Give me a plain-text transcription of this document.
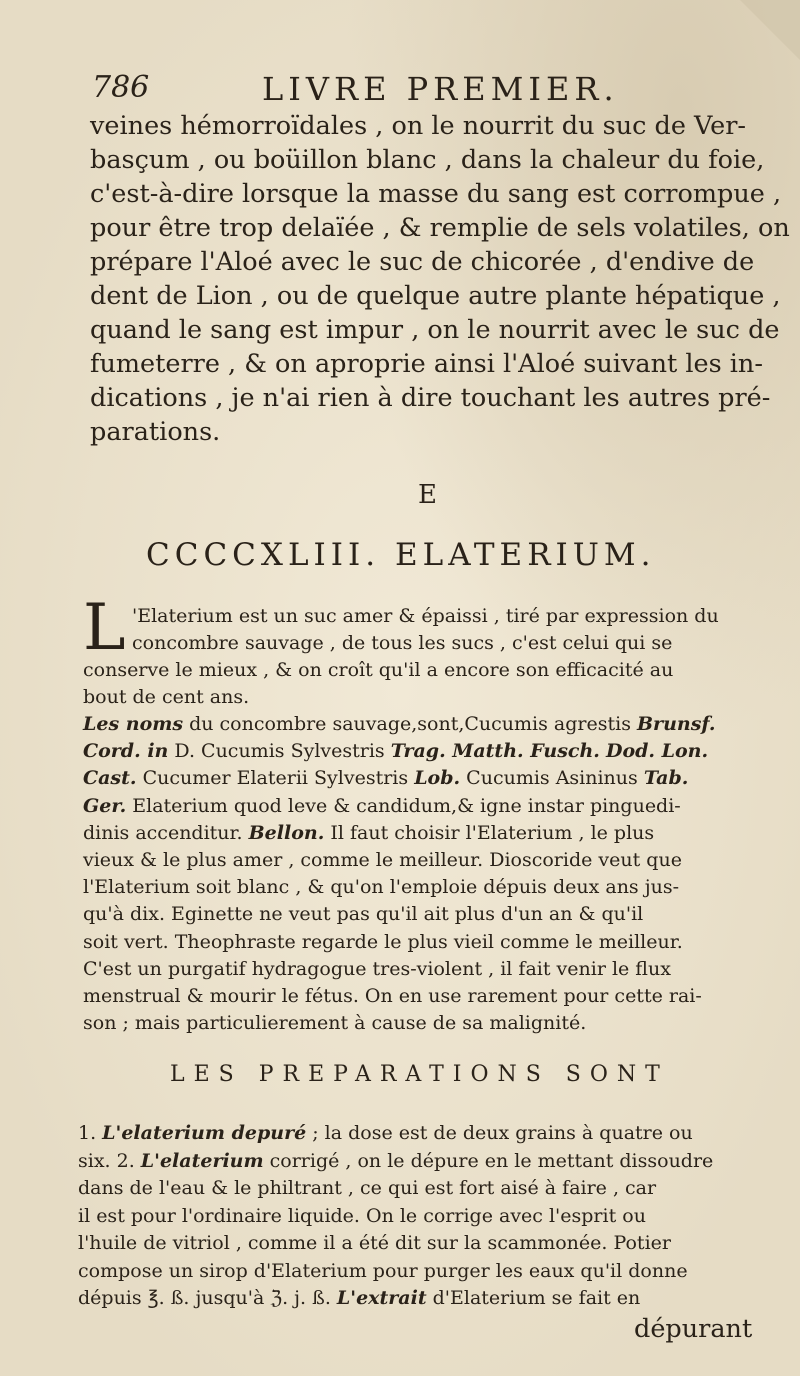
786	LIVRE PREMIER.
veines hémorroïdales , on le nourrit du suc de Ver-
basçum , ou boüillon blanc , dans la chaleur du foie,
c'est-à-dire lorsque la masse du sang est corrompue ,
pour être trop delaïée , & remplie de sels volatiles, on
prépare l'Aloé avec le suc de chicorée , d'endive de
dent de Lion , ou de quelque autre plante hépatique ,
quand le sang est impur , on le nourrit avec le suc de
fumeterre , & on aproprie ainsi l'Aloé suivant les in-
dications , je n'ai rien à dire touchant les autres pré-
parations.
E
CCCCXLIII. ELATERIUM.
L 'Elaterium est un suc amer & épaissi , tiré par expression du
concombre sauvage , de tous les sucs , c'est celui qui se
conserve le mieux , & on croît qu'il a encore son efficacité au
bout de cent ans.
Les noms du concombre sauvage,sont,Cucumis agrestis Brunsf.
Cord. in D. Cucumis Sylvestris Trag. Matth. Fusch. Dod. Lon.
Cast. Cucumer Elaterii Sylvestris Lob. Cucumis Asininus Tab.
Ger. Elaterium quod leve & candidum,& igne instar pinguedi-
dinis accenditur. Bellon. Il faut choisir l'Elaterium , le plus
vieux & le plus amer , comme le meilleur. Dioscoride veut que
l'Elaterium soit blanc , & qu'on l'emploie dépuis deux ans jus-
qu'à dix. Eginette ne veut pas qu'il ait plus d'un an & qu'il
soit vert. Theophraste regarde le plus vieil comme le meilleur.
C'est un purgatif hydragogue tres-violent , il fait venir le flux
menstrual & mourir le fétus. On en use rarement pour cette rai-
son ; mais particulierement à cause de sa malignité.
LES PREPARATIONS SONT
1. L'elaterium depuré ; la dose est de deux grains à quatre ou
six. 2. L'elaterium corrigé , on le dépure en le mettant dissoudre
dans de l'eau & le philtrant , ce qui est fort aisé à faire , car
il est pour l'ordinaire liquide. On le corrige avec l'esprit ou
l'huile de vitriol , comme il a été dit sur la scammonée. Potier
compose un sirop d'Elaterium pour purger les eaux qu'il donne
dépuis ℥. ß. jusqu'à ℨ. j. ß. L'extrait d'Elaterium se fait en
dépurant
